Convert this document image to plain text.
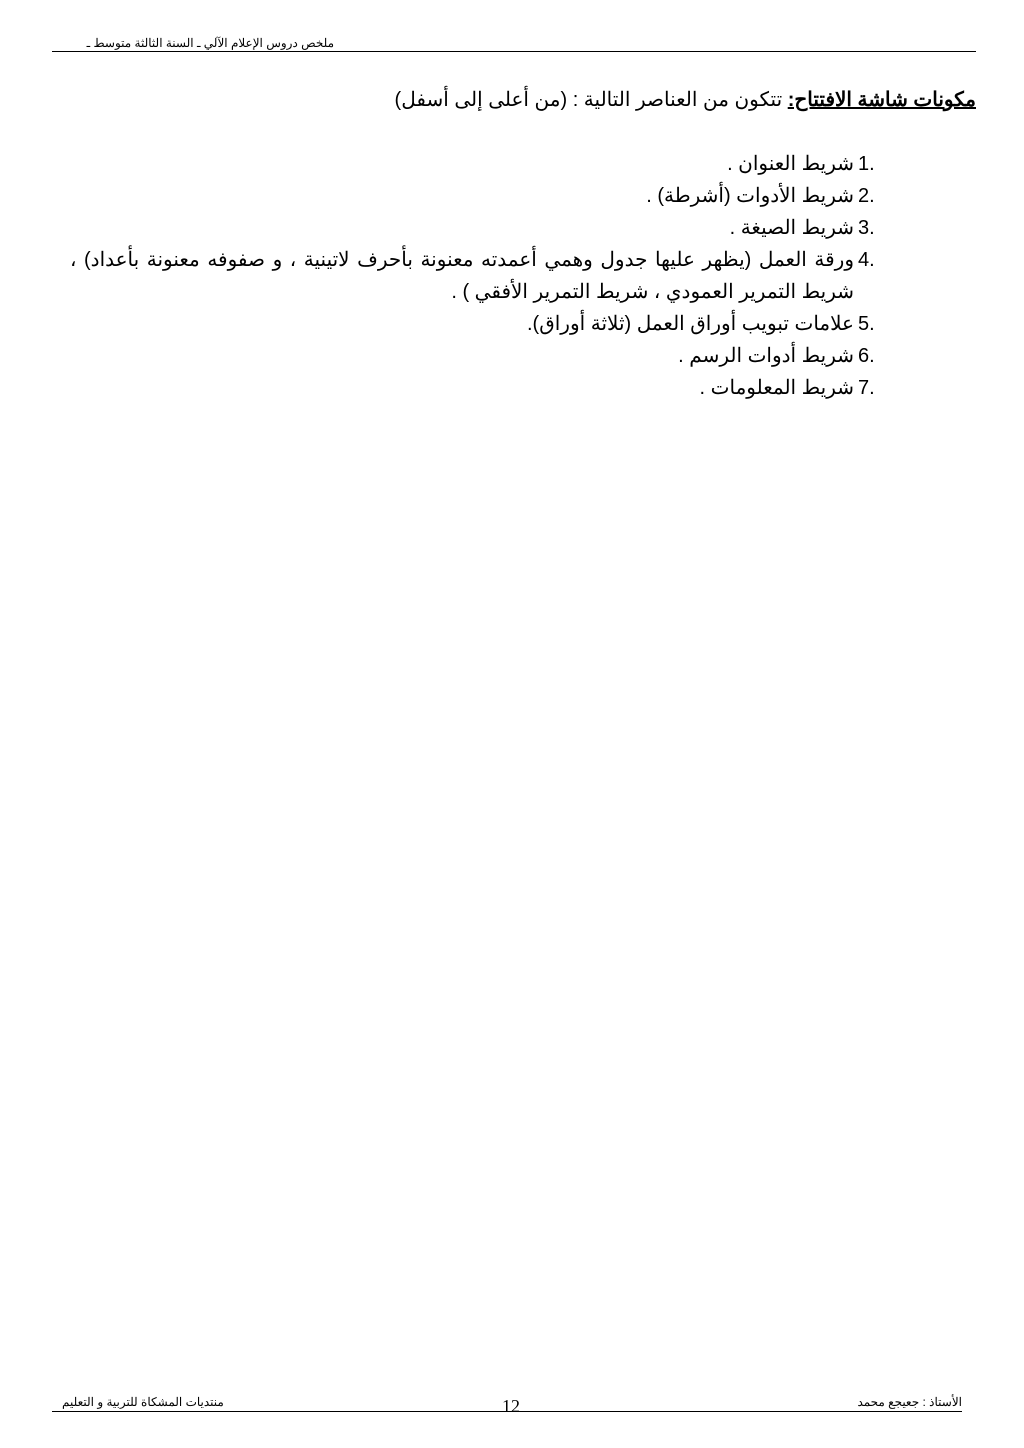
ملخص دروس الإعلام الآلي ـ السنة الثالثة متوسط ـ
مكونات شاشة الافتتاح: تتكون من العناصر التالية : (من أعلى إلى أسفل)
1.
شريط العنوان .
2.
شريط الأدوات (أشرطة) .
3.
شريط الصيغة .
4.
ورقة العمل (يظهر عليها جدول وهمي أعمدته معنونة بأحرف لاتينية ، و صفوفه معنونة بأعداد) ، شريط التمرير العمودي ، شريط التمرير الأفقي ) .
5.
علامات تبويب أوراق العمل (ثلاثة أوراق).
6.
شريط أدوات الرسم .
7.
شريط المعلومات .
الأستاذ : جعيجع محمد
12
منتديات المشكاة للتربية و التعليم
